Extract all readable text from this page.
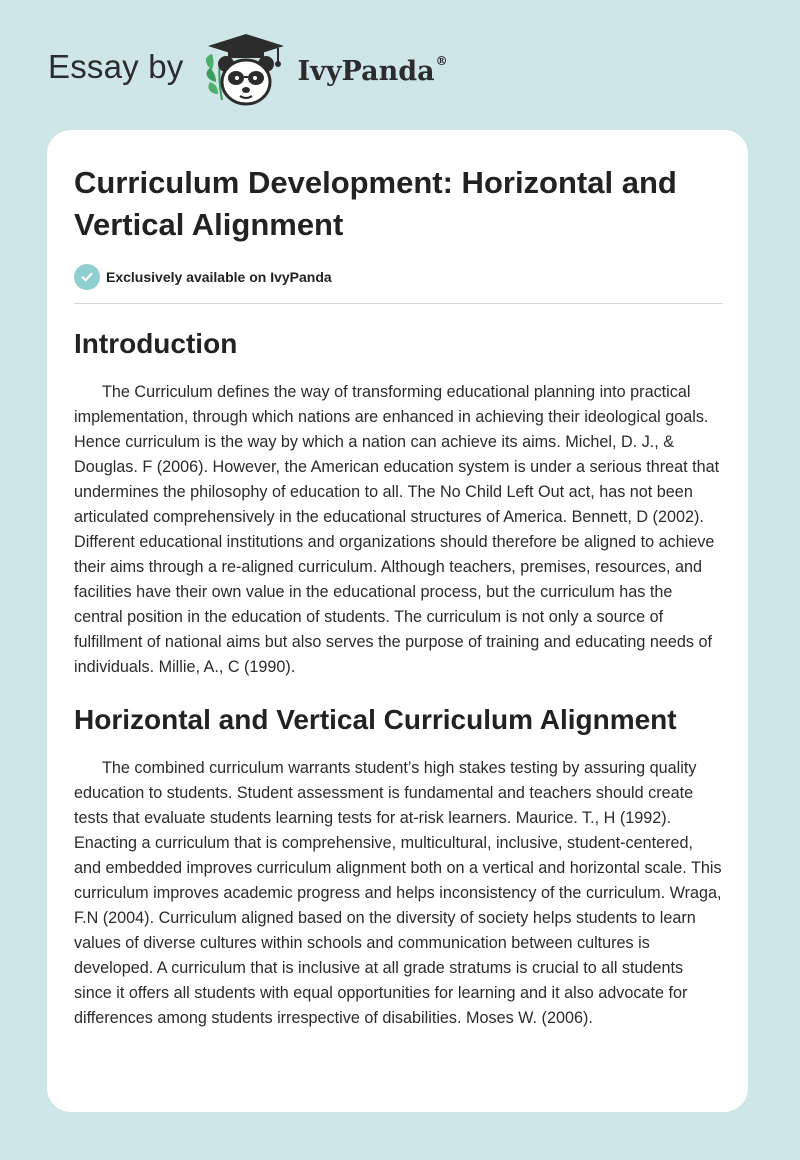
Essay by	IvyPanda®
Curriculum Development: Horizontal and Vertical Alignment
Exclusively available on IvyPanda
Introduction

The Curriculum defines the way of transforming educational planning into practical implementation, through which nations are enhanced in achieving their ideological goals. Hence curriculum is the way by which a nation can achieve its aims. Michel, D. J., & Douglas. F (2006). However, the American education system is under a serious threat that undermines the philosophy of education to all. The No Child Left Out act, has not been articulated comprehensively in the educational structures of America. Bennett, D (2002). Different educational institutions and organizations should therefore be aligned to achieve their aims through a re-aligned curriculum. Although teachers, premises, resources, and facilities have their own value in the educational process, but the curriculum has the central position in the education of students. The curriculum is not only a source of fulfillment of national aims but also serves the purpose of training and educating needs of individuals. Millie, A., C (1990).

Horizontal and Vertical Curriculum Alignment

The combined curriculum warrants student’s high stakes testing by assuring quality education to students. Student assessment is fundamental and teachers should create tests that evaluate students learning tests for at-risk learners. Maurice. T., H (1992). Enacting a curriculum that is comprehensive, multicultural, inclusive, student-centered, and embedded improves curriculum alignment both on a vertical and horizontal scale. This curriculum improves academic progress and helps inconsistency of the curriculum. Wraga, F.N (2004). Curriculum aligned based on the diversity of society helps students to learn values of diverse cultures within schools and communication between cultures is developed. A curriculum that is inclusive at all grade stratums is crucial to all students since it offers all students with equal opportunities for learning and it also advocate for differences among students irrespective of disabilities. Moses W. (2006).
